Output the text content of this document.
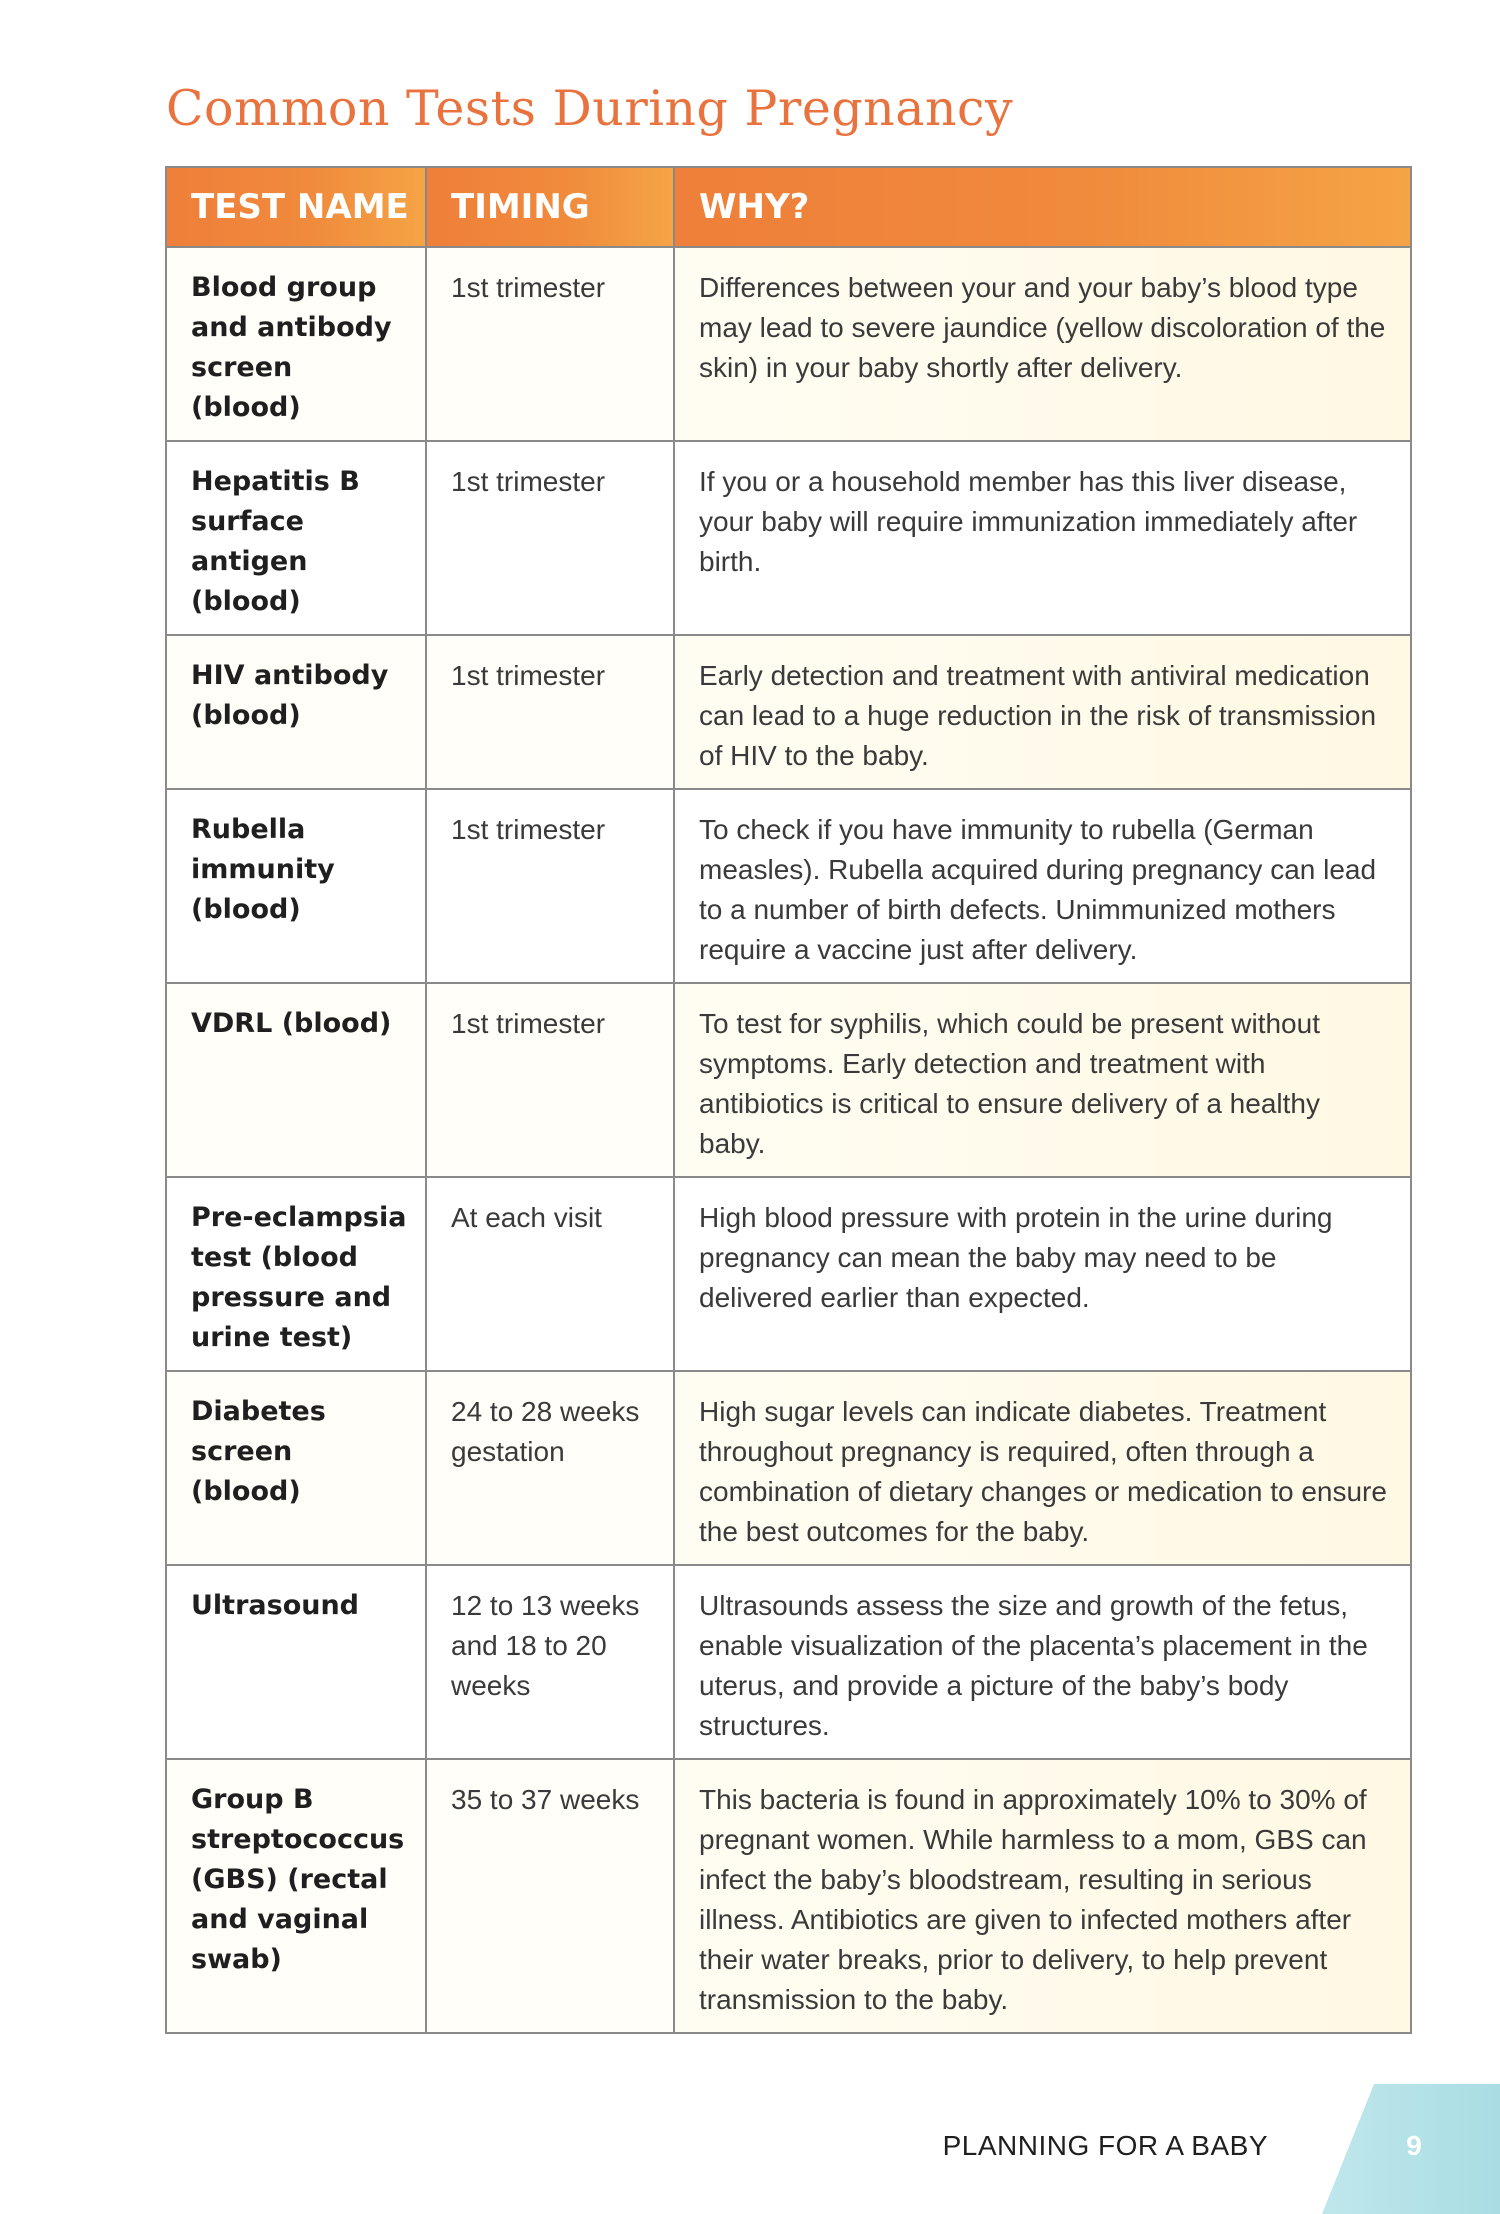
Common Tests During Pregnancy
TEST NAME	TIMING	WHY?
Blood group and antibody screen (blood)	1st trimester	Differences between your and your baby’s blood type may lead to severe jaundice (yellow discoloration of the skin) in your baby shortly after delivery.
Hepatitis B surface antigen (blood)	1st trimester	If you or a household member has this liver disease, your baby will require immunization immediately after birth.
HIV antibody (blood)	1st trimester	Early detection and treatment with antiviral medication can lead to a huge reduction in the risk of transmission of HIV to the baby.
Rubella immunity (blood)	1st trimester	To check if you have immunity to rubella (German measles). Rubella acquired during pregnancy can lead to a number of birth defects. Unimmunized mothers require a vaccine just after delivery.
VDRL (blood)	1st trimester	To test for syphilis, which could be present without symptoms. Early detection and treatment with antibiotics is critical to ensure delivery of a healthy baby.
Pre-eclampsia test (blood pressure and urine test)	At each visit	High blood pressure with protein in the urine during pregnancy can mean the baby may need to be delivered earlier than expected.
Diabetes screen (blood)	24 to 28 weeks gestation	High sugar levels can indicate diabetes. Treatment throughout pregnancy is required, often through a combination of dietary changes or medication to ensure the best outcomes for the baby.
Ultrasound	12 to 13 weeks and 18 to 20 weeks	Ultrasounds assess the size and growth of the fetus, enable visualization of the placenta’s placement in the uterus, and provide a picture of the baby’s body structures.
Group B streptococcus (GBS) (rectal and vaginal swab)	35 to 37 weeks	This bacteria is found in approximately 10% to 30% of pregnant women. While harmless to a mom, GBS can infect the baby’s bloodstream, resulting in serious illness. Antibiotics are given to infected mothers after their water breaks, prior to delivery, to help prevent transmission to the baby.
PLANNING FOR A BABY	9
